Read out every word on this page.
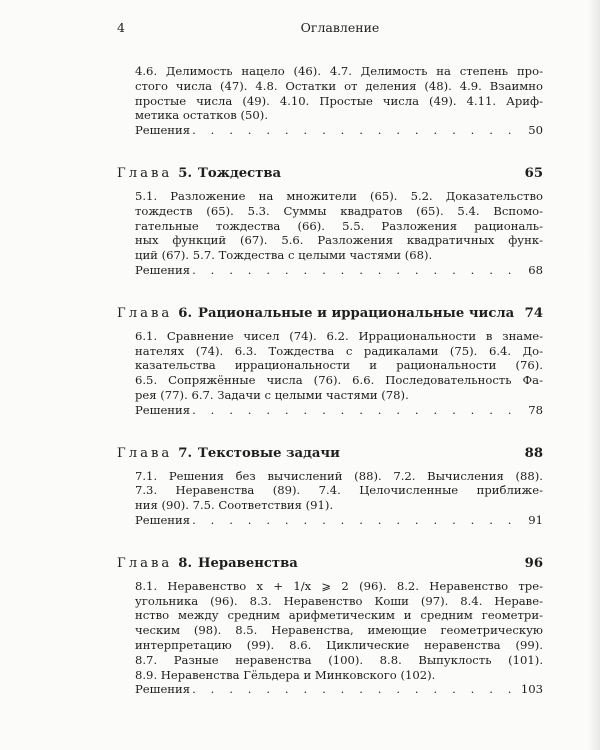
4	Оглавление
4.6. Делимость нацело (46). 4.7. Делимость на степень про-
стого числа (47). 4.8. Остатки от деления (48). 4.9. Взаимно
простые числа (49). 4.10. Простые числа (49). 4.11. Ариф-
метика остатков (50).
Решения . . .	50
Глава 5. Тождества	65
5.1. Разложение на множители (65). 5.2. Доказательство
тождеств (65). 5.3. Суммы квадратов (65). 5.4. Вспомо-
гательные тождества (66). 5.5. Разложения рациональ-
ных функций (67). 5.6. Разложения квадратичных функ-
ций (67). 5.7. Тождества с целыми частями (68).
Решения . . .	68
Глава 6. Рациональные и иррациональные числа 74
6.1. Сравнение чисел (74). 6.2. Иррациональности в знаме-
нателях (74). 6.3. Тождества с радикалами (75). 6.4. До-
казательства иррациональности и рациональности (76).
6.5. Сопряжённые числа (76). 6.6. Последовательность Фа-
рея (77). 6.7. Задачи с целыми частями (78).
Решения . . .	78
Глава 7. Текстовые задачи	88
7.1. Решения без вычислений (88). 7.2. Вычисления (88).
7.3. Неравенства (89). 7.4. Целочисленные приближе-
ния (90). 7.5. Соответствия (91).
Решения . . .	91
Глава 8. Неравенства	96
8.1. Неравенство x + 1/x ⩾ 2 (96). 8.2. Неравенство тре-
угольника (96). 8.3. Неравенство Коши (97). 8.4. Нераве-
нство между средним арифметическим и средним геометри-
ческим (98). 8.5. Неравенства, имеющие геометрическую
интерпретацию (99). 8.6. Циклические неравенства (99).
8.7. Разные неравенства (100). 8.8. Выпуклость (101).
8.9. Неравенства Гёльдера и Минковского (102).
Решения . . .	103
